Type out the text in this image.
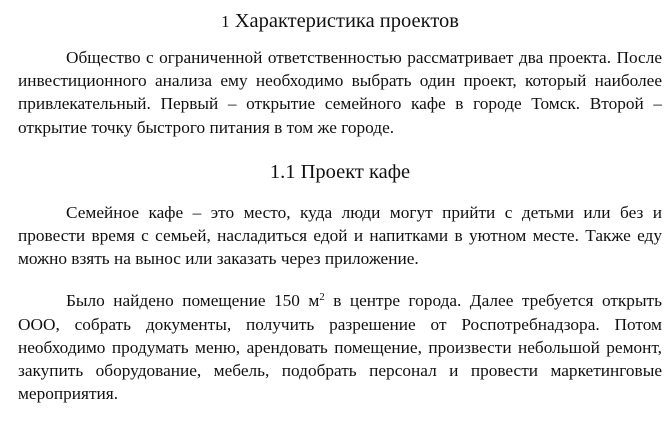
1 Характеристика проектов

Общество с ограниченной ответственностью рассматривает два проекта. После инвестиционного анализа ему необходимо выбрать один проект, который наиболее привлекательный. Первый – открытие семейного кафе в городе Томск. Второй – открытие точку быстрого питания в том же городе.

1.1 Проект кафе

Семейное кафе – это место, куда люди могут прийти с детьми или без и провести время с семьей, насладиться едой и напитками в уютном месте. Также еду можно взять на вынос или заказать через приложение.

Было найдено помещение 150 $м^2$ в центре города. Далее требуется открыть ООО, собрать документы, получить разрешение от Роспотребнадзора. Потом необходимо продумать меню, арендовать помещение, произвести небольшой ремонт, закупить оборудование, мебель, подобрать персонал и провести маркетинговые мероприятия.
